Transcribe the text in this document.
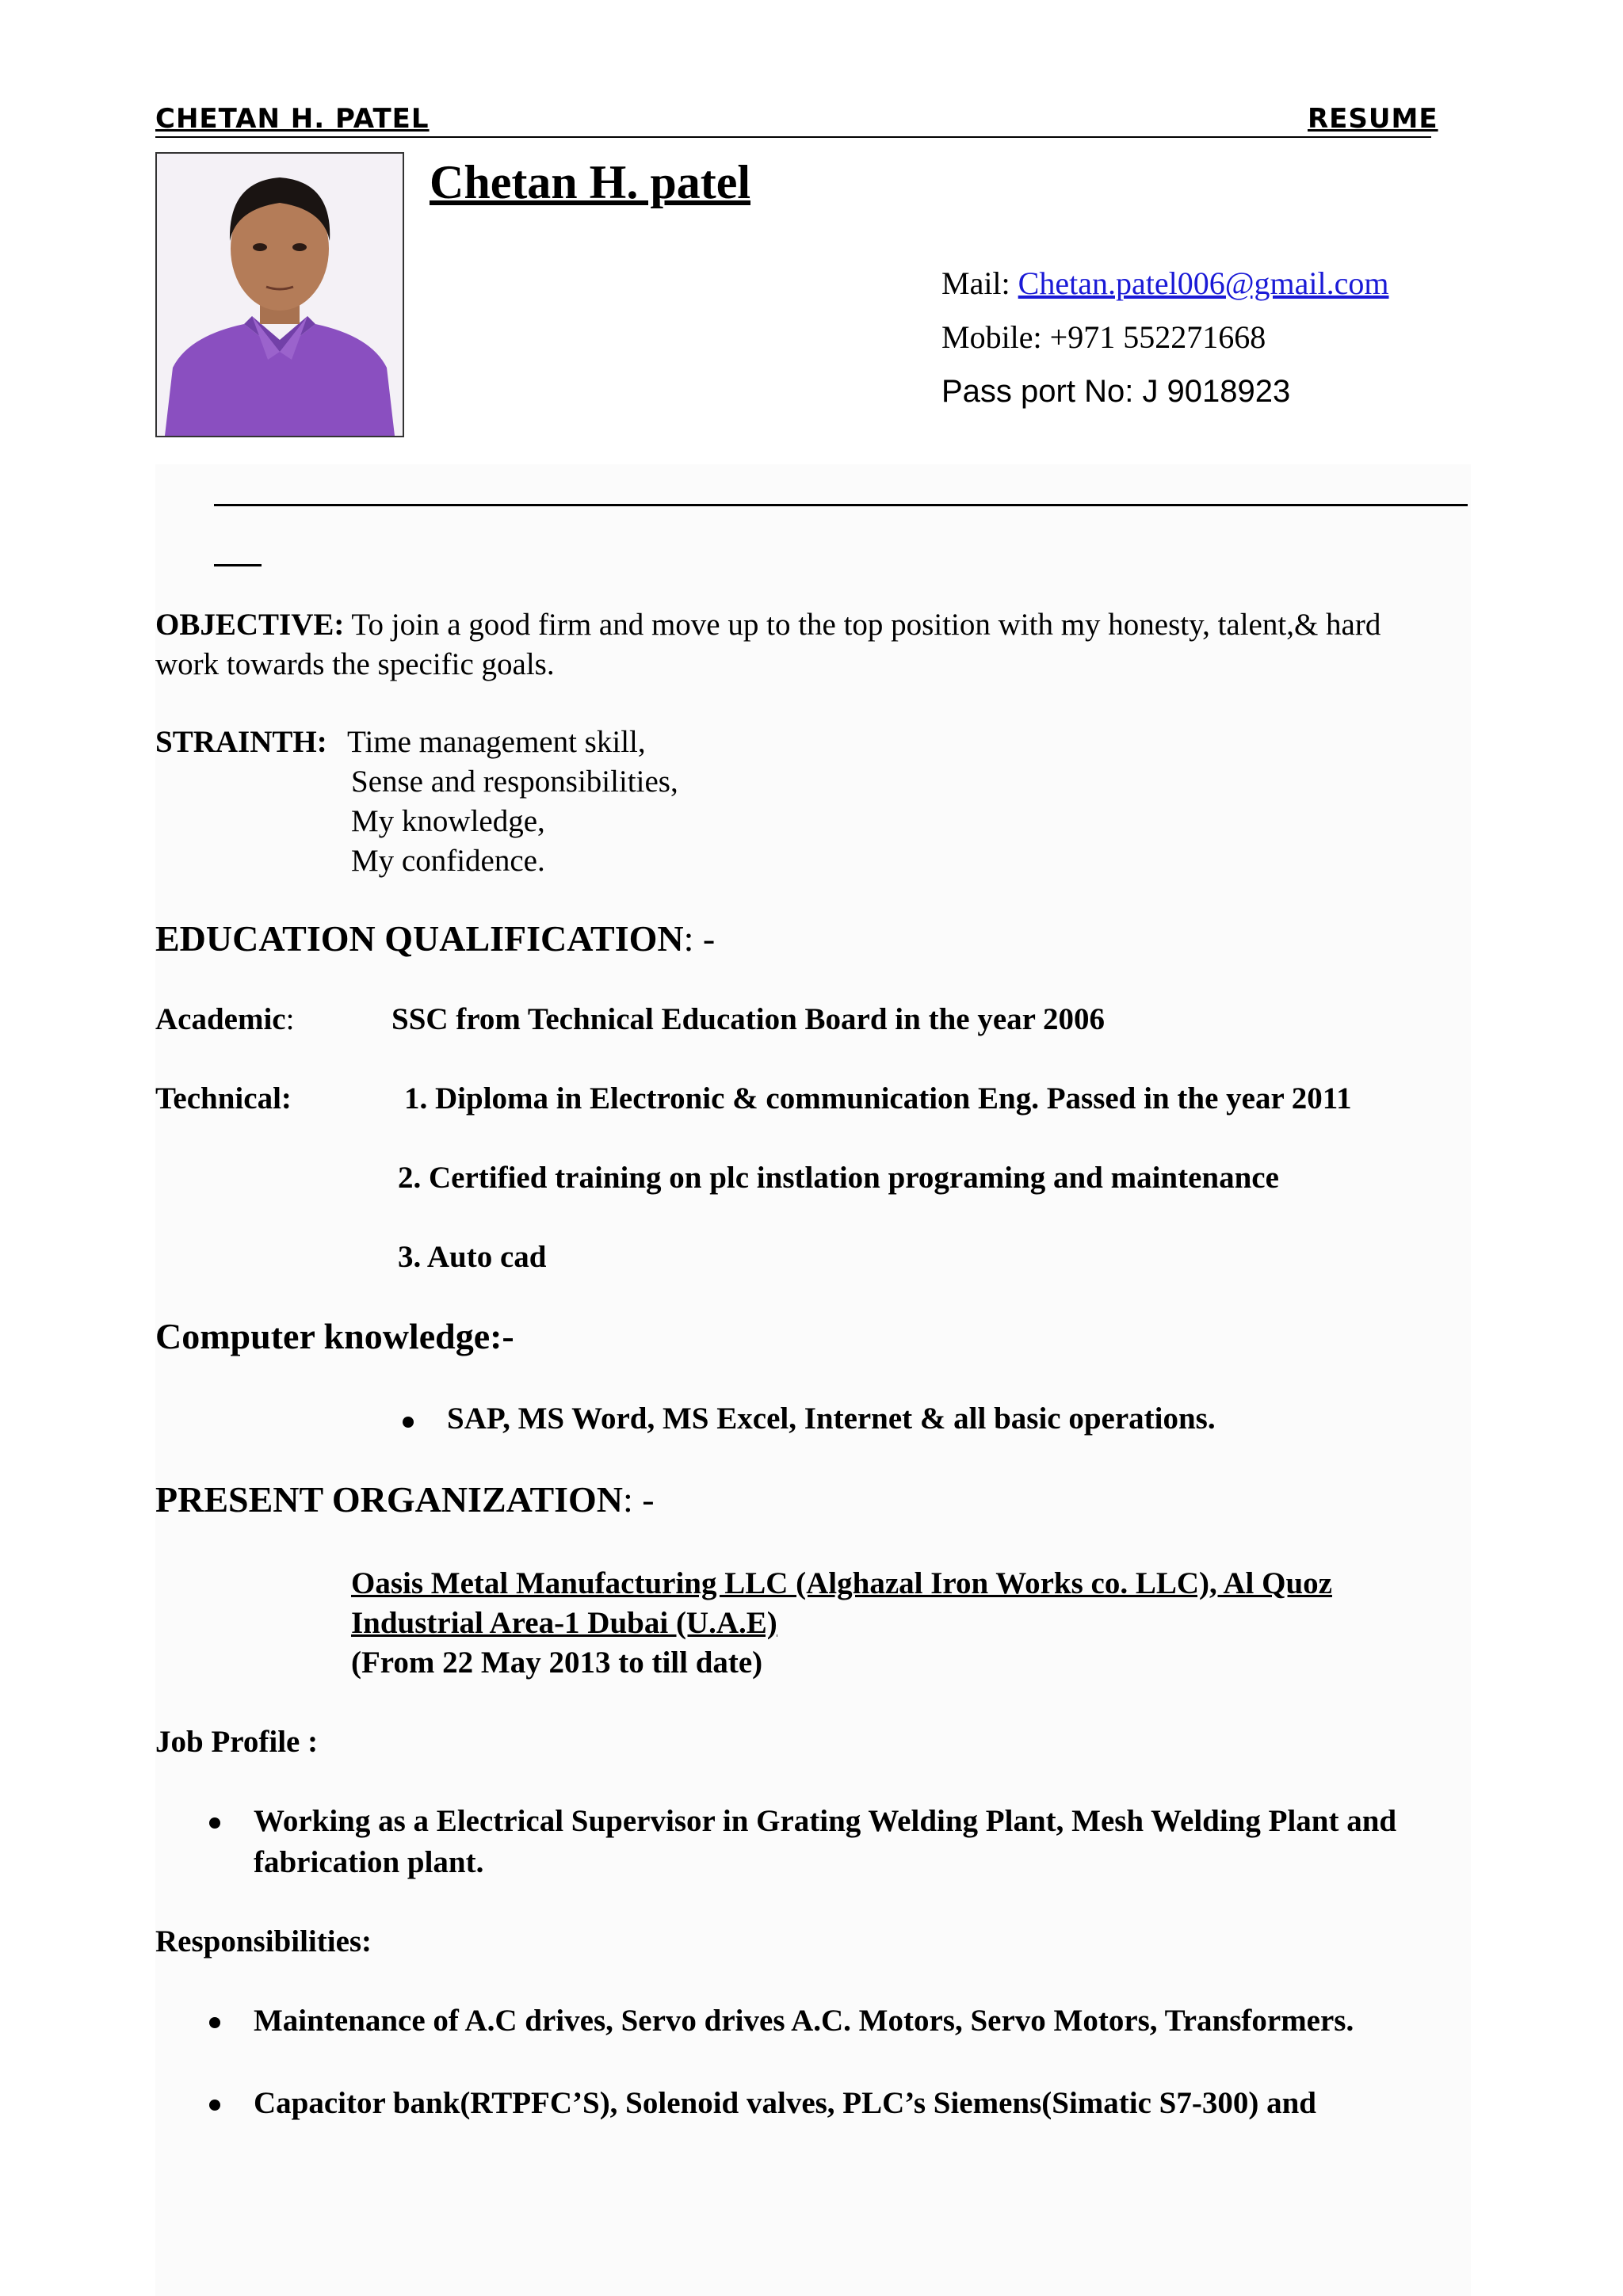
CHETAN H. PATEL	RESUME
Chetan H. patel
Mail: Chetan.patel006@gmail.com
Mobile: +971 552271668
Pass port No: J 9018923
OBJECTIVE: To join a good firm and move up to the top position with my honesty, talent,& hard
work towards the specific goals.
STRAINTH: Time management skill,
Sense and responsibilities,
My knowledge,
My confidence.
EDUCATION QUALIFICATION: -
Academic:	SSC from Technical Education Board in the year 2006
Technical:	1. Diploma in Electronic & communication Eng. Passed in the year 2011
2. Certified training on plc instlation programing and maintenance
3. Auto cad
Computer knowledge:-
SAP, MS Word, MS Excel, Internet & all basic operations.
PRESENT ORGANIZATION: -
Oasis Metal Manufacturing LLC (Alghazal Iron Works co. LLC), Al Quoz
Industrial Area-1 Dubai (U.A.E)
(From 22 May 2013 to till date)
Job Profile :
Working as a Electrical Supervisor in Grating Welding Plant, Mesh Welding Plant and
fabrication plant.
Responsibilities:
Maintenance of A.C drives, Servo drives A.C. Motors, Servo Motors, Transformers.
Capacitor bank(RTPFC’S), Solenoid valves, PLC’s Siemens(Simatic S7-300) and
